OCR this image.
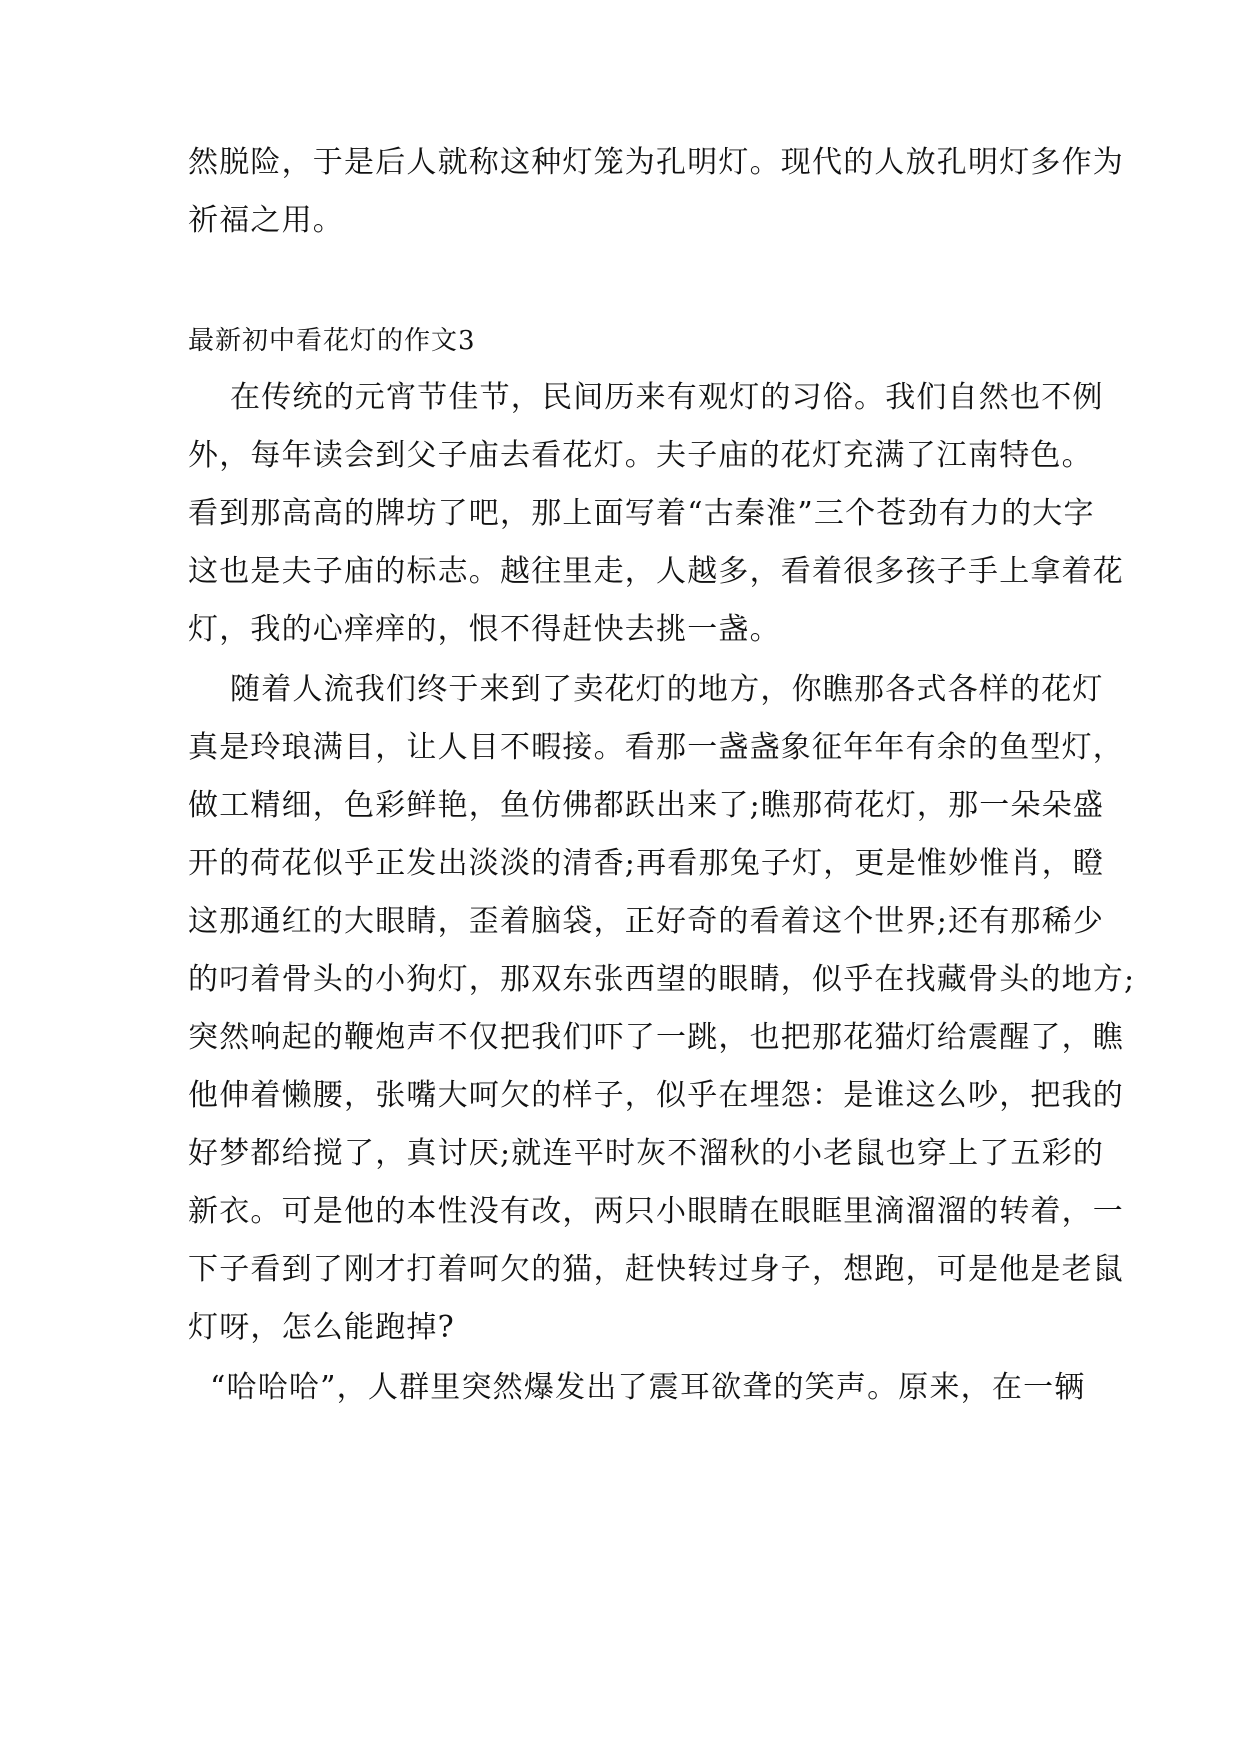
然脱险，于是后人就称这种灯笼为孔明灯。现代的人放孔明灯多作为
祈福之用。
最新初中看花灯的作文3
在传统的元宵节佳节，民间历来有观灯的习俗。我们自然也不例
外，每年读会到父子庙去看花灯。夫子庙的花灯充满了江南特色。
看到那高高的牌坊了吧，那上面写着“古秦淮”三个苍劲有力的大字
这也是夫子庙的标志。越往里走，人越多，看着很多孩子手上拿着花
灯，我的心痒痒的，恨不得赶快去挑一盏。
随着人流我们终于来到了卖花灯的地方，你瞧那各式各样的花灯
真是玲琅满目，让人目不暇接。看那一盏盏象征年年有余的鱼型灯，
做工精细，色彩鲜艳，鱼仿佛都跃出来了;瞧那荷花灯，那一朵朵盛
开的荷花似乎正发出淡淡的清香;再看那兔子灯，更是惟妙惟肖，瞪
这那通红的大眼睛，歪着脑袋，正好奇的看着这个世界;还有那稀少
的叼着骨头的小狗灯，那双东张西望的眼睛，似乎在找藏骨头的地方;
突然响起的鞭炮声不仅把我们吓了一跳，也把那花猫灯给震醒了，瞧
他伸着懒腰，张嘴大呵欠的样子，似乎在埋怨：是谁这么吵，把我的
好梦都给搅了，真讨厌;就连平时灰不溜秋的小老鼠也穿上了五彩的
新衣。可是他的本性没有改，两只小眼睛在眼眶里滴溜溜的转着，一
下子看到了刚才打着呵欠的猫，赶快转过身子，想跑，可是他是老鼠
灯呀，怎么能跑掉?
“哈哈哈”，人群里突然爆发出了震耳欲聋的笑声。原来，在一辆
